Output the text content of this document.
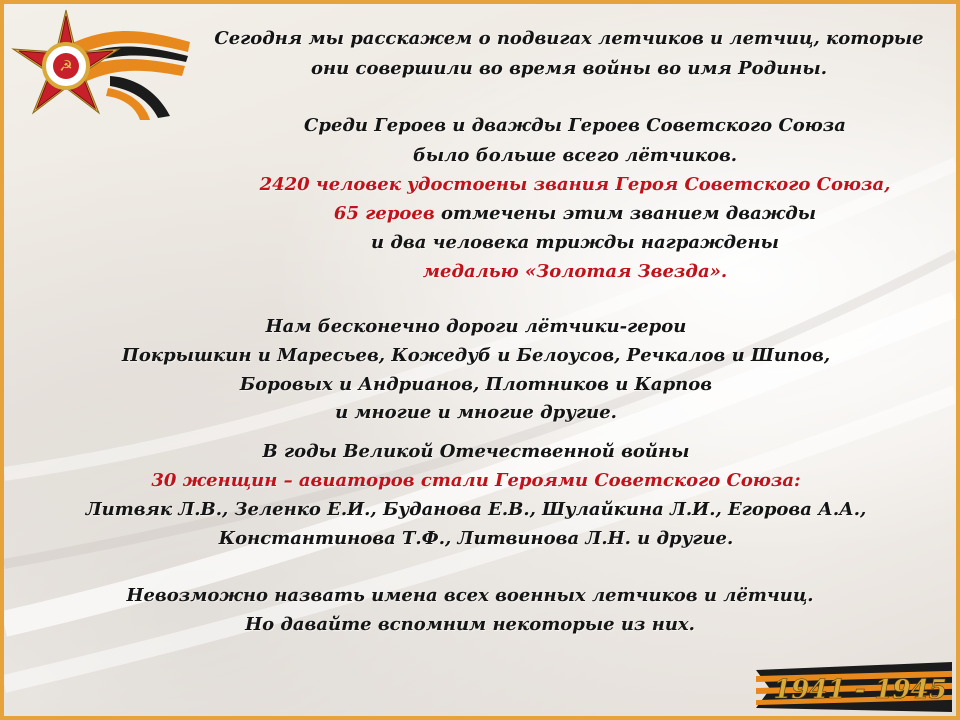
☭
1941 - 1945
Сегодня мы расскажем о подвигах летчиков и летчиц, которые
они совершили во время войны во имя Родины.
Среди Героев и дважды Героев Советского Союза
было больше всего лётчиков.
2420 человек удостоены звания Героя Советского Союза,
65 героев отмечены этим званием дважды
и два человека трижды награждены
медалью «Золотая Звезда».
Нам бесконечно дороги лётчики-герои
Покрышкин и Маресьев, Кожедуб и Белоусов, Речкалов и Шипов,
Боровых и Андрианов, Плотников и Карпов
и многие и многие другие.
В годы Великой Отечественной войны
30 женщин – авиаторов стали Героями Советского Союза:
Литвяк Л.В., Зеленко Е.И., Буданова Е.В., Шулайкина Л.И., Егорова А.А.,
Константинова Т.Ф., Литвинова Л.Н. и другие.
Невозможно назвать имена всех военных летчиков и лётчиц.
Но давайте вспомним некоторые из них.
